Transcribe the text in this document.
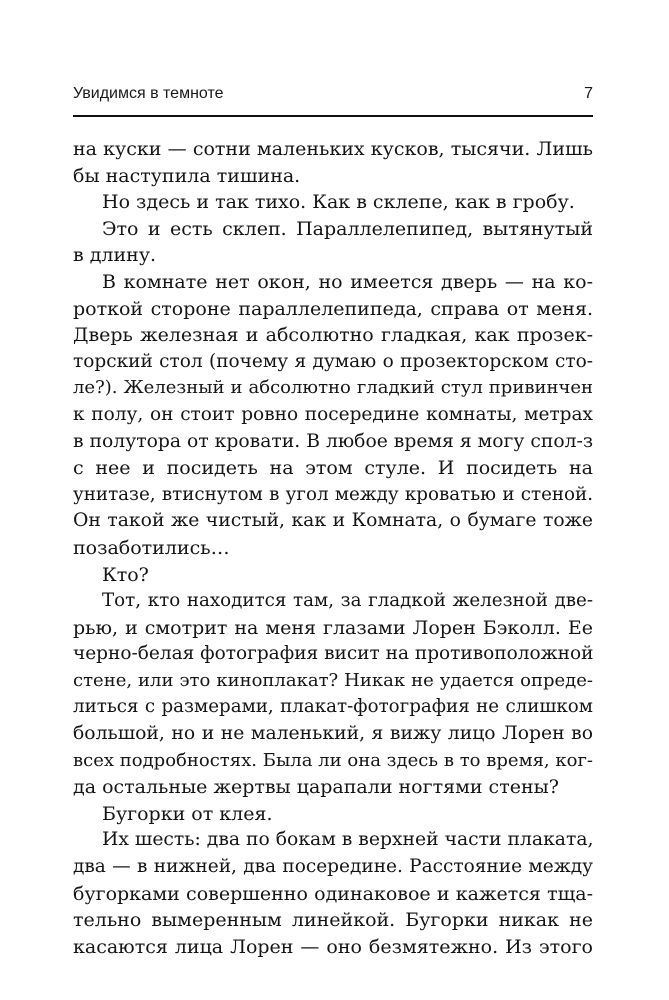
Увидимся в темноте	7
на куски — сотни маленьких кусков, тысячи. Лишь
бы наступила тишина.
Но здесь и так тихо. Как в склепе, как в гробу.
Это и есть склеп. Параллелепипед, вытянутый
в длину.
В комнате нет окон, но имеется дверь — на ко-
роткой стороне параллелепипеда, справа от меня.
Дверь железная и абсолютно гладкая, как прозек-
торский стол (почему я думаю о прозекторском сто-
ле?). Железный и абсолютно гладкий стул привинчен
к полу, он стоит ровно посередине комнаты, метрах
в полутора от кровати. В любое время я могу спол-з
с нее и посидеть на этом стуле. И посидеть на
унитазе, втиснутом в угол между кроватью и стеной.
Он такой же чистый, как и Комната, о бумаге тоже
позаботились…
Кто?
Тот, кто находится там, за гладкой железной две-
рью, и смотрит на меня глазами Лорен Бэколл. Ее
черно-белая фотография висит на противоположной
стене, или это киноплакат? Никак не удается опреде-
литься с размерами, плакат-фотография не слишком
большой, но и не маленький, я вижу лицо Лорен во
всех подробностях. Была ли она здесь в то время, ког-
да остальные жертвы царапали ногтями стены?
Бугорки от клея.
Их шесть: два по бокам в верхней части плаката,
два — в нижней, два посередине. Расстояние между
бугорками совершенно одинаковое и кажется тща-
тельно вымеренным линейкой. Бугорки никак не
касаются лица Лорен — оно безмятежно. Из этого
